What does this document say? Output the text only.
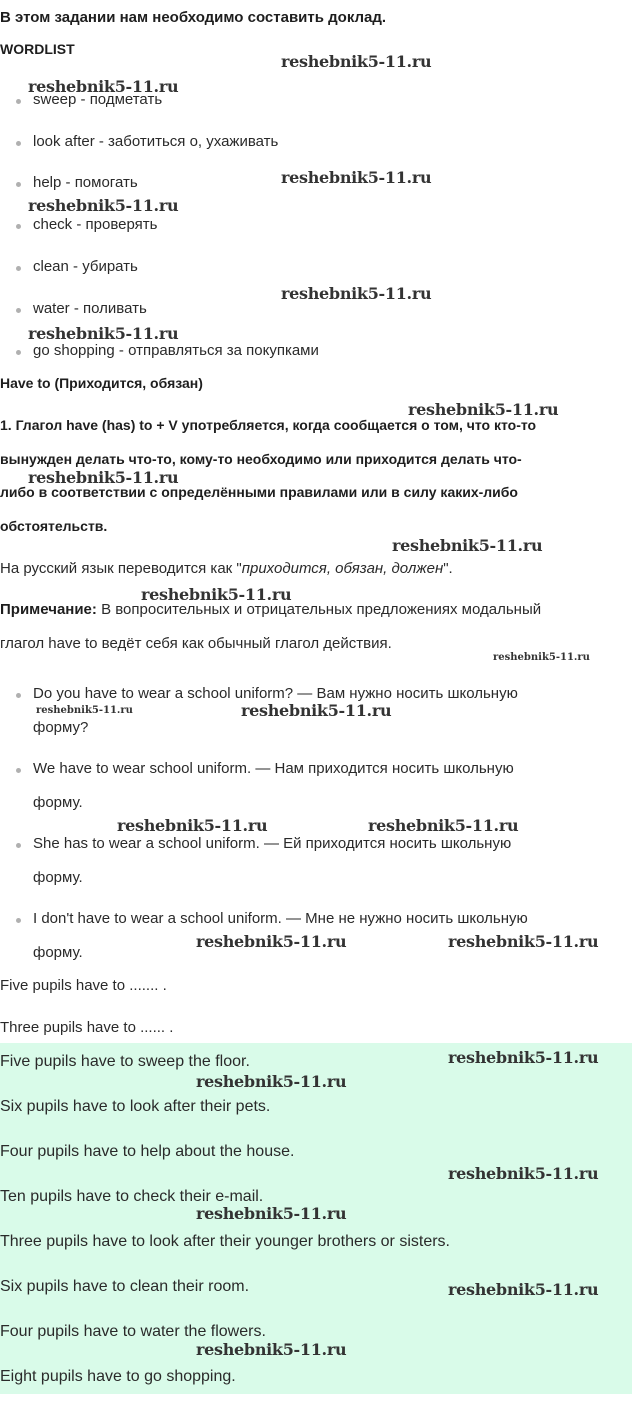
В этом задании нам необходимо составить доклад.
WORDLIST
sweep - подметать
look after - заботиться о, ухаживать
help - помогать
check - проверять
clean - убирать
water - поливать
go shopping - отправляться за покупками
Have to (Приходится, обязан)
1. Глагол have (has) to + V употребляется, когда сообщается о том, что кто-то
вынужден делать что-то, кому-то необходимо или приходится делать что-
либо в соответствии с определёнными правилами или в силу каких-либо
обстоятельств.
На русский язык переводится как "приходится, обязан, должен".
Примечание: В вопросительных и отрицательных предложениях модальный
глагол have to ведёт себя как обычный глагол действия.
Do you have to wear a school uniform? — Вам нужно носить школьную
форму?
We have to wear school uniform. — Нам приходится носить школьную
форму.
She has to wear a school uniform. — Ей приходится носить школьную
форму.
I don't have to wear a school uniform. — Мне не нужно носить школьную
форму.
Five pupils have to ....... .
Three pupils have to ...... .
Five pupils have to sweep the floor.
Six pupils have to look after their pets.
Four pupils have to help about the house.
Ten pupils have to check their e-mail.
Three pupils have to look after their younger brothers or sisters.
Six pupils have to clean their room.
Four pupils have to water the flowers.
Eight pupils have to go shopping.
reshebnik5-11.ru
reshebnik5-11.ru
reshebnik5-11.ru
reshebnik5-11.ru
reshebnik5-11.ru
reshebnik5-11.ru
reshebnik5-11.ru
reshebnik5-11.ru
reshebnik5-11.ru
reshebnik5-11.ru
reshebnik5-11.ru
reshebnik5-11.ru	reshebnik5-11.ru
reshebnik5-11.ru	reshebnik5-11.ru
reshebnik5-11.ru	reshebnik5-11.ru
reshebnik5-11.ru
reshebnik5-11.ru
reshebnik5-11.ru
reshebnik5-11.ru
reshebnik5-11.ru
reshebnik5-11.ru
